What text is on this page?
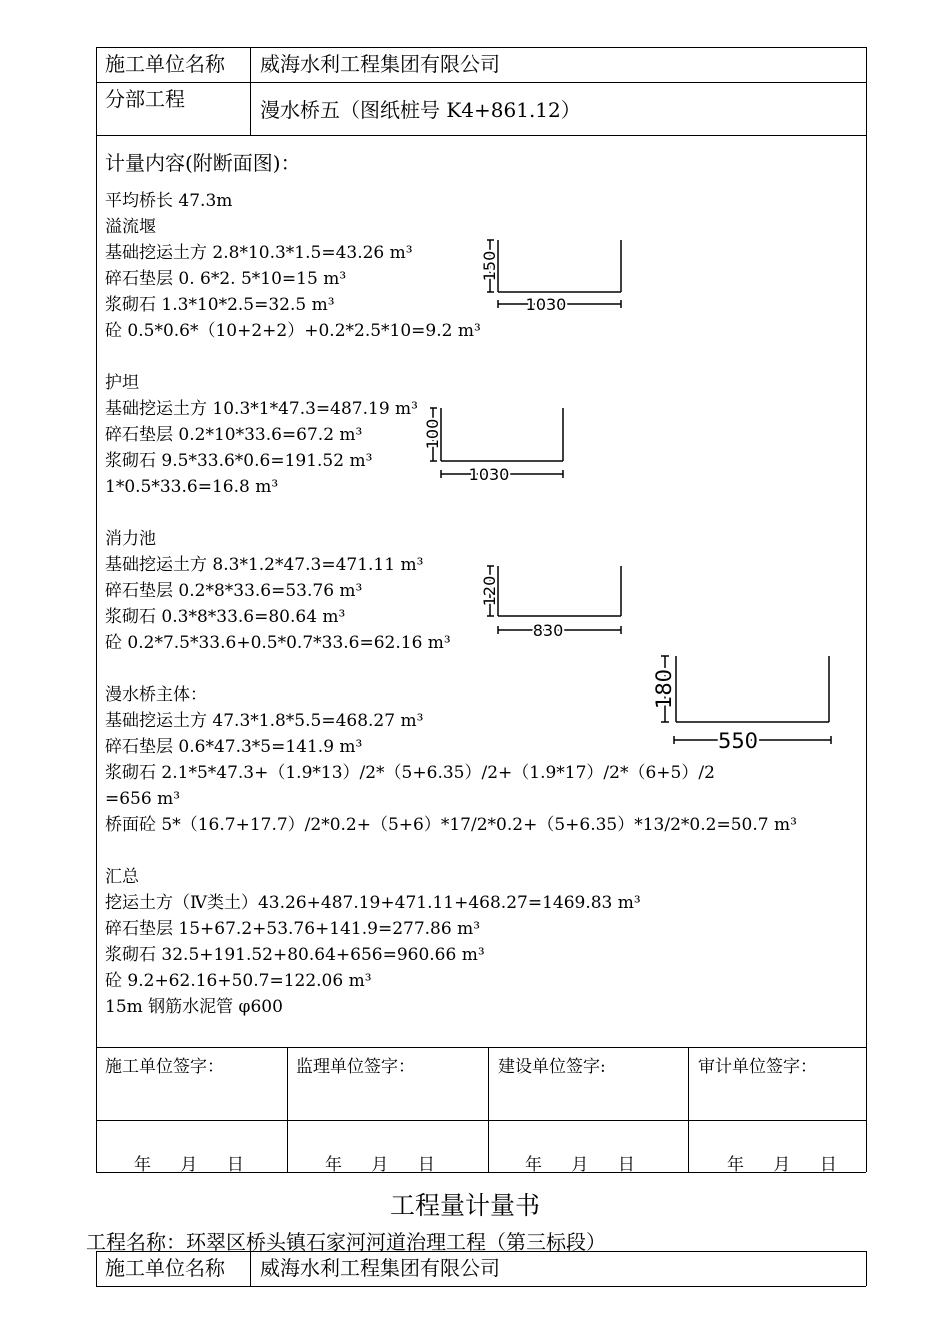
施工单位名称 威海水利工程集团有限公司
分部工程	漫水桥五（图纸桩号 K4+861.12）
计量内容(附断面图)：
平均桥长 47.3m
溢流堰
基础挖运土方 2.8*10.3*1.5=43.26 m³
碎石垫层 0. 6*2. 5*10=15 m³
浆砌石 1.3*10*2.5=32.5 m³
砼 0.5*0.6*（10+2+2）+0.2*2.5*10=9.2 m³
护坦
基础挖运土方 10.3*1*47.3=487.19 m³
碎石垫层 0.2*10*33.6=67.2 m³
浆砌石 9.5*33.6*0.6=191.52 m³
1*0.5*33.6=16.8 m³
消力池
基础挖运土方 8.3*1.2*47.3=471.11 m³
碎石垫层 0.2*8*33.6=53.76 m³
浆砌石 0.3*8*33.6=80.64 m³
砼 0.2*7.5*33.6+0.5*0.7*33.6=62.16 m³
漫水桥主体：
基础挖运土方 47.3*1.8*5.5=468.27 m³
碎石垫层 0.6*47.3*5=141.9 m³
浆砌石 2.1*5*47.3+（1.9*13）/2*（5+6.35）/2+（1.9*17）/2*（6+5）/2
=656 m³
桥面砼 5*（16.7+17.7）/2*0.2+（5+6）*17/2*0.2+（5+6.35）*13/2*0.2=50.7 m³
汇总
挖运土方（Ⅳ类土）43.26+487.19+471.11+468.27=1469.83 m³
碎石垫层 15+67.2+53.76+141.9=277.86 m³
浆砌石 32.5+191.52+80.64+656=960.66 m³
砼 9.2+62.16+50.7=122.06 m³
15m 钢筋水泥管 φ600
150
1030
100
1030
120
830
180
550
施工单位签字：	监理单位签字：	建设单位签字:	审计单位签字：
年 月 日	年 月 日	年 月 日	年 月 日
工程量计量书
工程名称：环翠区桥头镇石家河河道治理工程（第三标段）
施工单位名称 威海水利工程集团有限公司
